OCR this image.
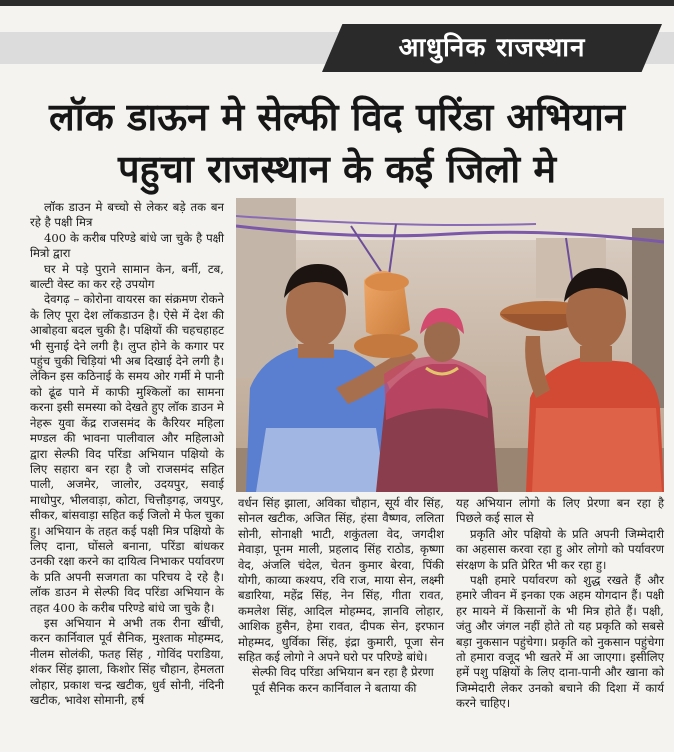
आधुनिक राजस्थान
लॉक डाऊन मे सेल्फी विद परिंडा अभियान
पहुचा राजस्थान के कई जिलो मे

लॉक डाउन मे बच्चो से लेकर बड़े तक बन रहे है पक्षी मित्र

400 के करीब परिण्डे बांधे जा चुके है पक्षी मित्रो द्वारा

घर मे पड़े पुराने सामान केन, बर्नी, टब, बाल्टी वेस्ट का कर रहे उपयोग

देवगढ़ – कोरोना वायरस का संक्रमण रोकने के लिए पूरा देश लॉकडाउन है। ऐसे में देश की आबोहवा बदल चुकी है। पक्षियों की चहचहाहट भी सुनाई देने लगी है। लुप्त होने के कगार पर पहुंच चुकी चिड़ियां भी अब दिखाई देने लगी है। लेकिन इस कठिनाई के समय ओर गर्मी मे पानी को ढूंढ पाने में काफी मुश्किलों का सामना करना इसी समस्या को देखते हुए लॉक डाउन मे नेहरू युवा केंद्र राजसमंद के कैरियर महिला मण्डल की भावना पालीवाल और महिलाओ द्वारा सेल्फी विद परिंडा अभियान पक्षियो के लिए सहारा बन रहा है जो राजसमंद सहित पाली, अजमेर, जालोर, उदयपुर, सवाई माधोपुर, भीलवाड़ा, कोटा, चित्तौड़गढ़, जयपुर, सीकर, बांसवाड़ा सहित कई जिलो मे फेल चुका हु। अभियान के तहत कई पक्षी मित्र पक्षियो के लिए दाना, घोंसले बनाना, परिंडा बांधकर उनकी रक्षा करने का दायित्व निभाकर पर्यावरण के प्रति अपनी सजगता का परिचय दे रहे है। लॉक डाउन मे सेल्फी विद परिंडा अभियान के तहत 400 के करीब परिण्डे बांधे जा चुके है।

इस अभियान मे अभी तक रीना खींची, करन कार्निवाल पूर्व सैनिक, मुश्ताक मोहम्मद, नीलम सोलंकी, फतह सिंह , गोविंद पराडिया, शंकर सिंह झाला, किशोर सिंह चौहान, हेमलता लोहार, प्रकाश चन्द्र खटीक, धुर्व सोनी, नंदिनी खटीक, भावेश सोमानी, हर्ष

वर्धन सिंह झाला, अविका चौहान, सूर्य वीर सिंह, सोनल खटीक, अजित सिंह, हंसा वैष्णव, ललिता सोनी, सोनाक्षी भाटी, शकुंतला वेद, जगदीश मेवाड़ा, पूनम माली, प्रहलाद सिंह राठोड, कृष्णा वेद, अंजलि चंदेल, चेतन कुमार बेरवा, पिंकी योगी, काव्या कश्यप, रवि राज, माया सेन, लक्ष्मी बडारिया, महेंद्र सिंह, नेन सिंह, गीता रावत, कमलेश सिंह, आदिल मोहम्मद, ज्ञानवि लोहार, आशिक हुसैन, हेमा रावत, दीपक सेन, इरफान मोहम्मद, धुर्विका सिंह, इंद्रा कुमारी, पूजा सेन सहित कई लोगो ने अपने घरो पर परिण्डे बांधे।

सेल्फी विद परिंडा अभियान बन रहा है प्रेरणा

पूर्व सैनिक करन कार्निवाल ने बताया की

यह अभियान लोगो के लिए प्रेरणा बन रहा है पिछले कई साल से

प्रकृति ओर पक्षियो के प्रति अपनी जिम्मेदारी का अहसास करवा रहा हु ओर लोगो को पर्यावरण संरक्षण के प्रति प्रेरित भी कर रहा हु।

पक्षी हमारे पर्यावरण को शुद्ध रखते हैं और हमारे जीवन में इनका एक अहम योगदान हैं। पक्षी हर मायने में किसानों के भी मित्र होते हैं। पक्षी, जंतु और जंगल नहीं होते तो यह प्रकृति को सबसे बड़ा नुकसान पहुंचेगा। प्रकृति को नुकसान पहुंचेगा तो हमारा वजूद भी खतरे में आ जाएगा। इसीलिए हमें पशु पक्षियों के लिए दाना-पानी और खाना को जिम्मेदारी लेकर उनको बचाने की दिशा में कार्य करने चाहिए।
